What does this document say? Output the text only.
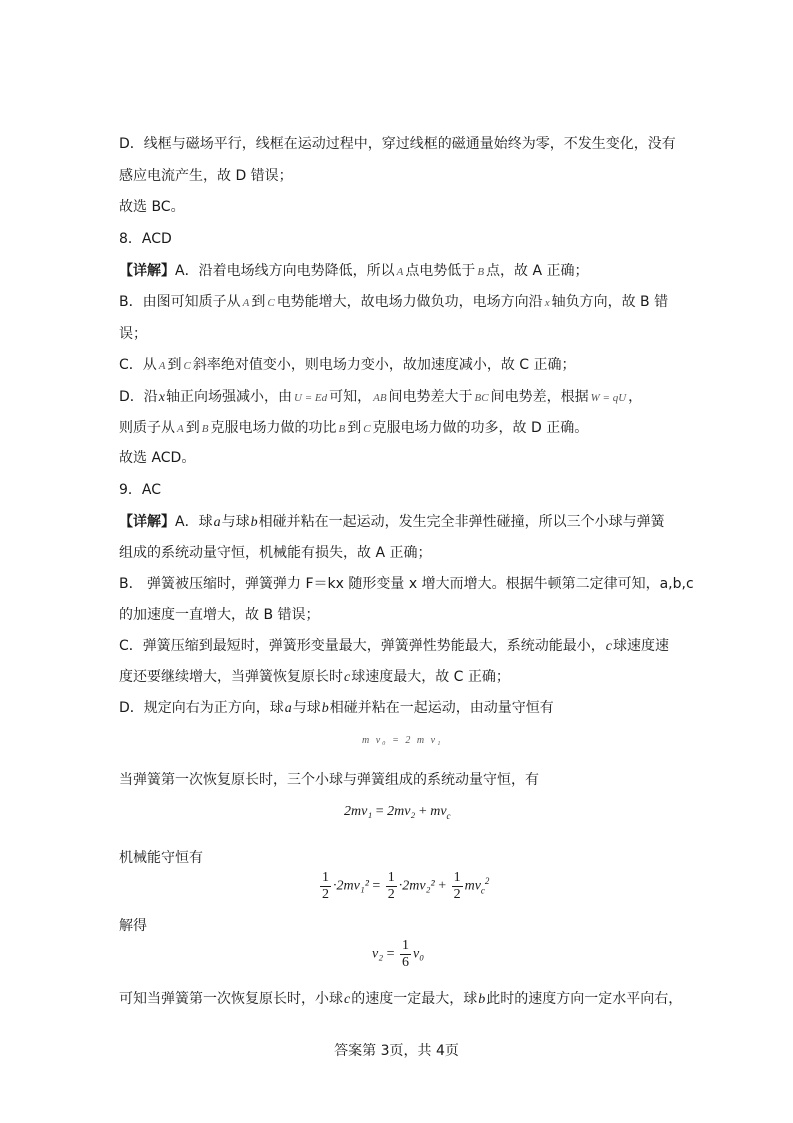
D．线框与磁场平行，线框在运动过程中，穿过线框的磁通量始终为零，不发生变化，没有
感应电流产生，故 D 错误；
故选 BC。
8．ACD
【详解】A．沿着电场线方向电势降低，所以 A 点电势低于 B 点，故 A 正确；
B．由图可知质子从 A 到 C 电势能增大，故电场力做负功，电场方向沿 x 轴负方向，故 B 错
误；
C．从 A 到 C 斜率绝对值变小，则电场力变小，故加速度减小，故 C 正确；
D．沿x轴正向场强减小，由 U = Ed 可知， AB 间电势差大于 BC 间电势差，根据 W = qU ，
则质子从 A 到 B 克服电场力做的功比 B 到 C 克服电场力做的功多，故 D 正确。
故选 ACD。
9．AC
【详解】A．球a与球b相碰并粘在一起运动，发生完全非弹性碰撞，所以三个小球与弹簧
组成的系统动量守恒，机械能有损失，故 A 正确；
B． 弹簧被压缩时，弹簧弹力 F＝kx 随形变量 x 增大而增大。根据牛顿第二定律可知，a,b,c
的加速度一直增大，故 B 错误；
C．弹簧压缩到最短时，弹簧形变量最大，弹簧弹性势能最大，系统动能最小，c球速度速
度还要继续增大，当弹簧恢复原长时c球速度最大，故 C 正确；
D．规定向右为正方向，球a与球b相碰并粘在一起运动，由动量守恒有
m v₀ = 2 m v₁
当弹簧第一次恢复原长时，三个小球与弹簧组成的系统动量守恒，有
$2mv_1 = 2mv_2 + mv_c$
机械能守恒有
$\frac{1}{2} \cdot 2mv_1^2 = \frac{1}{2} \cdot 2mv_2^2 + \frac{1}{2} mv_c^2$
解得
$v_2 = \frac{1}{6} v_0$
可知当弹簧第一次恢复原长时，小球c的速度一定最大，球b此时的速度方向一定水平向右，
答案第 3页，共 4页
